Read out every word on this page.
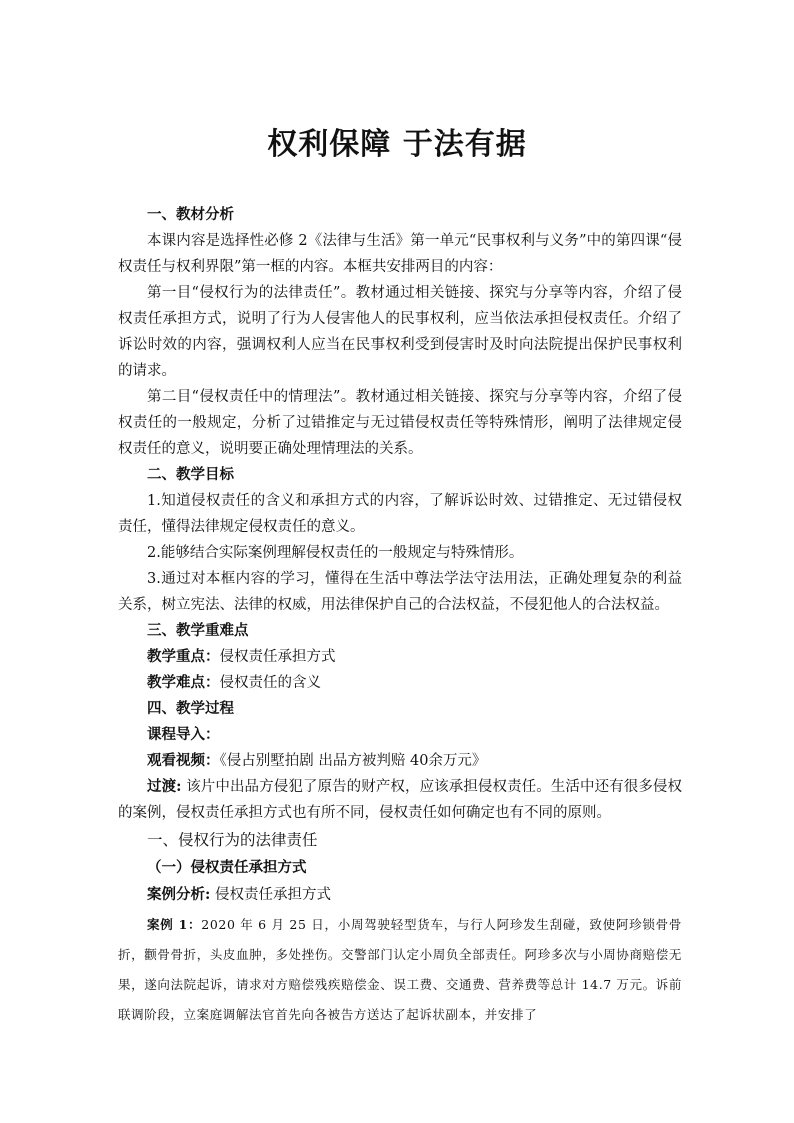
权利保障 于法有据

一、教材分析

本课内容是选择性必修 2《法律与生活》第一单元“民事权利与义务”中的第四课“侵权责任与权利界限”第一框的内容。本框共安排两目的内容：

第一目“侵权行为的法律责任”。教材通过相关链接、探究与分享等内容，介绍了侵权责任承担方式，说明了行为人侵害他人的民事权利，应当依法承担侵权责任。介绍了诉讼时效的内容，强调权利人应当在民事权利受到侵害时及时向法院提出保护民事权利的请求。

第二目“侵权责任中的情理法”。教材通过相关链接、探究与分享等内容，介绍了侵权责任的一般规定，分析了过错推定与无过错侵权责任等特殊情形，阐明了法律规定侵权责任的意义，说明要正确处理情理法的关系。

二、教学目标

1.知道侵权责任的含义和承担方式的内容，了解诉讼时效、过错推定、无过错侵权责任，懂得法律规定侵权责任的意义。

2.能够结合实际案例理解侵权责任的一般规定与特殊情形。

3.通过对本框内容的学习，懂得在生活中尊法学法守法用法，正确处理复杂的利益关系，树立宪法、法律的权威，用法律保护自己的合法权益，不侵犯他人的合法权益。

三、教学重难点

教学重点：侵权责任承担方式

教学难点：侵权责任的含义

四、教学过程

课程导入：

观看视频：《侵占别墅拍剧 出品方被判赔 40余万元》

过渡: 该片中出品方侵犯了原告的财产权，应该承担侵权责任。生活中还有很多侵权的案例，侵权责任承担方式也有所不同，侵权责任如何确定也有不同的原则。

一、侵权行为的法律责任

（一）侵权责任承担方式

案例分析: 侵权责任承担方式

案例 1：2020 年 6 月 25 日，小周驾驶轻型货车，与行人阿珍发生刮碰，致使阿珍锁骨骨折，颧骨骨折，头皮血肿，多处挫伤。交警部门认定小周负全部责任。阿珍多次与小周协商赔偿无果，遂向法院起诉，请求对方赔偿残疾赔偿金、误工费、交通费、营养费等总计 14.7 万元。诉前联调阶段，立案庭调解法官首先向各被告方送达了起诉状副本，并安排了
